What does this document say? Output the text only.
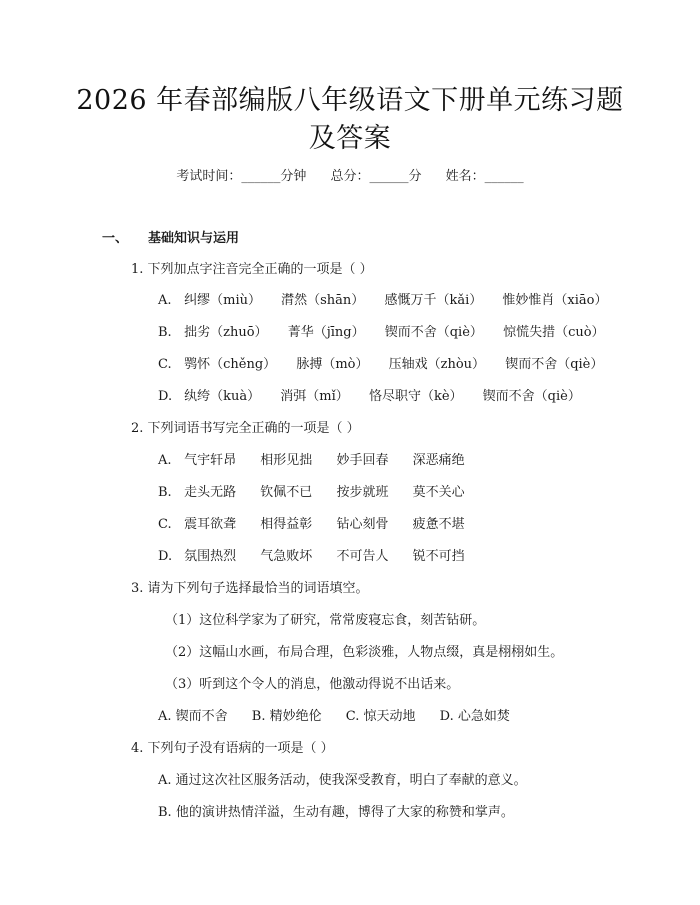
2026 年春部编版八年级语文下册单元练习题
及答案
考试时间：______分钟 总分：______分 姓名：______
一、 基础知识与运用
1. 下列加点字注音完全正确的一项是（ ）
A. 纠缪（miù） 潸然（shān） 感慨万千（kǎi） 惟妙惟肖（xiāo）
B. 拙劣（zhuō） 菁华（jīng） 锲而不舍（qiè） 惊慌失措（cuò）
C. 鹗怀（chěng） 脉搏（mò） 压轴戏（zhòu） 锲而不舍（qiè）
D. 纨绔（kuà） 消弭（mǐ） 恪尽职守（kè） 锲而不舍（qiè）
2. 下列词语书写完全正确的一项是（ ）
A. 气宇轩昂 相形见拙 妙手回春 深恶痛绝
B. 走头无路 钦佩不已 按步就班 莫不关心
C. 震耳欲聋 相得益彰 钻心刻骨 疲惫不堪
D. 氛围热烈 气急败坏 不可告人 锐不可挡
3. 请为下列句子选择最恰当的词语填空。
（1）这位科学家为了研究，常常废寝忘食，刻苦钻研。
（2）这幅山水画，布局合理，色彩淡雅，人物点缀，真是栩栩如生。
（3）听到这个令人的消息，他激动得说不出话来。
A. 锲而不舍 B. 精妙绝伦 C. 惊天动地 D. 心急如焚
4. 下列句子没有语病的一项是（ ）
A. 通过这次社区服务活动，使我深受教育，明白了奉献的意义。
B. 他的演讲热情洋溢，生动有趣，博得了大家的称赞和掌声。
